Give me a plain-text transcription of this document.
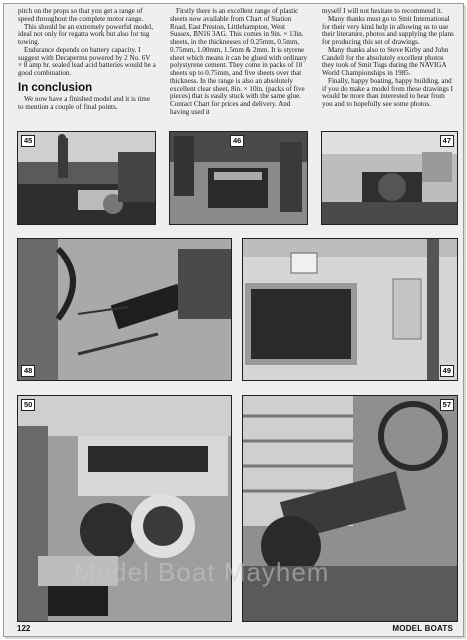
pitch on the props so that you get a range of speed throughout the complete motor range.

This should be an extremely powerful model, ideal not only for regatta work but also for tug towing.

Endurance depends on battery capacity. I suggest with Decaperms powered by 2 No. 6V × 8 amp hr. sealed lead acid batteries would be a good combination.

In conclusion

We now have a finished model and it is time to mention a couple of final points.

Firstly there is an excellent range of plastic sheets now available from Chart of Station Road, East Preston, Littlehampton, West Sussex, BN16 3AG. This comes in 9in. × 13in. sheets, in the thicknesses of 0.25mm, 0.5mm, 0.75mm, 1.00mm, 1.5mm & 2mm. It is styrene sheet which means it can be glued with ordinary polystyrene cement. They come in packs of 10 sheets up to 0.75mm, and five sheets over that thickness. In the range is also an absolutely excellent clear sheet, 8in. × 10in. (packs of five pieces) that is easily stuck with the same glue. Contact Chart for prices and delivery. And having used it

myself I will not hesitate to recommend it.

Many thanks must go to Smit International for their very kind help in allowing us to use their literature, photos and supplying the plans for producing this set of drawings.

Many thanks also to Steve Kirby and John Candell for the absolutely excellent photos they took of Smit Tugs during the NAVIGA World Championships in 1985.

Finally, happy boating, happy building, and if you do make a model from these drawings I would be more than interested to hear from you and to hopefully see some photos.

45	46	47
48	49
50	57
Model Boat Mayhem
122	MODEL BOATS
